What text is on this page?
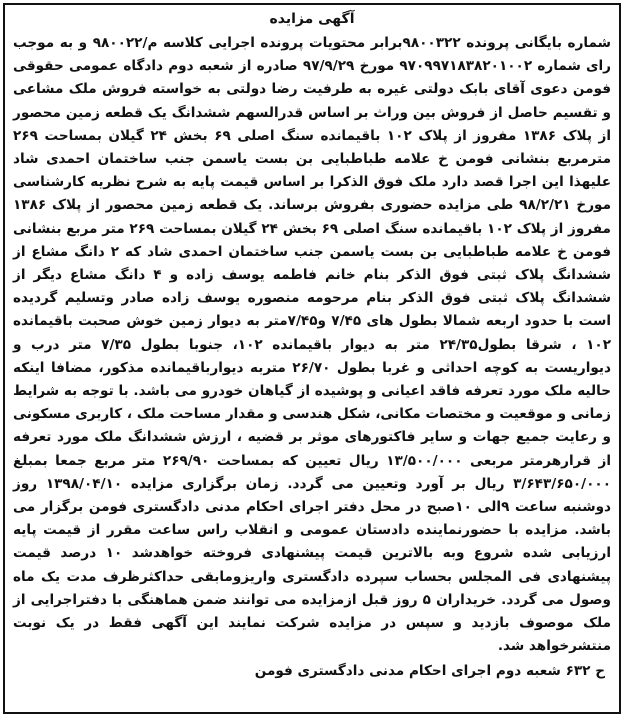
آگهی مزایده

شماره بایگانی پرونده ۹۸۰۰۳۲۲برابر محتویات پرونده اجرایی کلاسه م/۹۸۰۰۲۲ و به موجب رای شماره ۹۷۰۹۹۷۱۸۳۸۲۰۱۰۰۲ مورخ ۹۷/۹/۲۹ صادره از شعبه دوم دادگاه عمومی حقوقی فومن دعوی آقای بابک دولتی غیره به طرفیت رضا دولتی به خواسته فروش ملک مشاعی و تقسیم حاصل از فروش بین وراث بر اساس قدرالسهم ششدانگ یک قطعه زمین محصور از پلاک ۱۳۸۶ مفروز از پلاک ۱۰۲ باقیمانده سنگ اصلی ۶۹ بخش ۲۴ گیلان بمساحت ۲۶۹ مترمربع بنشانی فومن خ علامه طباطبایی بن بست یاسمن جنب ساختمان احمدی شاد علیهذا این اجرا قصد دارد ملک فوق الذکرا بر اساس قیمت پایه به شرح نظریه کارشناسی مورخ ۹۸/۲/۲۱ طی مزایده حضوری بفروش برساند. یک قطعه زمین محصور از پلاک ۱۳۸۶ مفروز از پلاک ۱۰۲ باقیمانده سنگ اصلی ۶۹ بخش ۲۴ گیلان بمساحت ۲۶۹ متر مربع بنشانی فومن خ علامه طباطبایی بن بست یاسمن جنب ساختمان احمدی شاد که ۲ دانگ مشاع از ششدانگ پلاک ثبتی فوق الذکر بنام خانم فاطمه یوسف زاده و ۴ دانگ مشاع دیگر از ششدانگ پلاک ثبتی فوق الذکر بنام مرحومه منصوره یوسف زاده صادر وتسلیم گردیده است با حدود اربعه شمالا بطول های ۷/۴۵ و۷/۴۵متر به دیوار زمین خوش صحبت باقیمانده ۱۰۲ ، شرقا بطول۲۴/۳۵ متر به دیوار باقیمانده ۱۰۲، جنوبا بطول ۷/۳۵ متر درب و دیواریست به کوچه احداثی و غربا بطول ۲۶/۷۰ متربه دیوارباقیمانده مذکور، مضافا اینکه حالیه ملک مورد تعرفه فاقد اعیانی و پوشیده از گیاهان خودرو می باشد. با توجه به شرایط زمانی و موقعیت و مختصات مکانی، شکل هندسی و مقدار مساحت ملک ، کاربری مسکونی و رعایت جمیع جهات و سایر فاکتورهای موثر بر قضیه ، ارزش ششدانگ ملک مورد تعرفه از قرارهرمتر مربعی ۱۳/۵۰۰/۰۰۰ ریال تعیین که بمساحت ۲۶۹/۹۰ متر مربع جمعا بمبلغ ۳/۶۴۳/۶۵۰/۰۰۰ ریال بر آورد وتعیین می گردد. زمان برگزاری مزایده ۱۳۹۸/۰۴/۱۰ روز دوشنبه ساعت ۹الی ۱۰صبح در محل دفتر اجرای احکام مدنی دادگستری فومن برگزار می باشد. مزایده با حضورنماینده دادستان عمومی و انقلاب راس ساعت مقرر از قیمت پایه ارزیابی شده شروع وبه بالاترین قیمت پیشنهادی فروخته خواهدشد ۱۰ درصد قیمت پیشنهادی فی المجلس بحساب سپرده دادگستری واریزومابقی حداکثرظرف مدت یک ماه وصول می گردد. خریداران ۵ روز قبل ازمزایده می توانند ضمن هماهنگی با دفتراجرایی از ملک موصوف بازدید و سپس در مزایده شرکت نمایند این آگهی فقط در یک نوبت منتشرخواهد شد.

ح ۶۳۲ شعبه دوم اجرای احکام مدنی دادگستری فومن
